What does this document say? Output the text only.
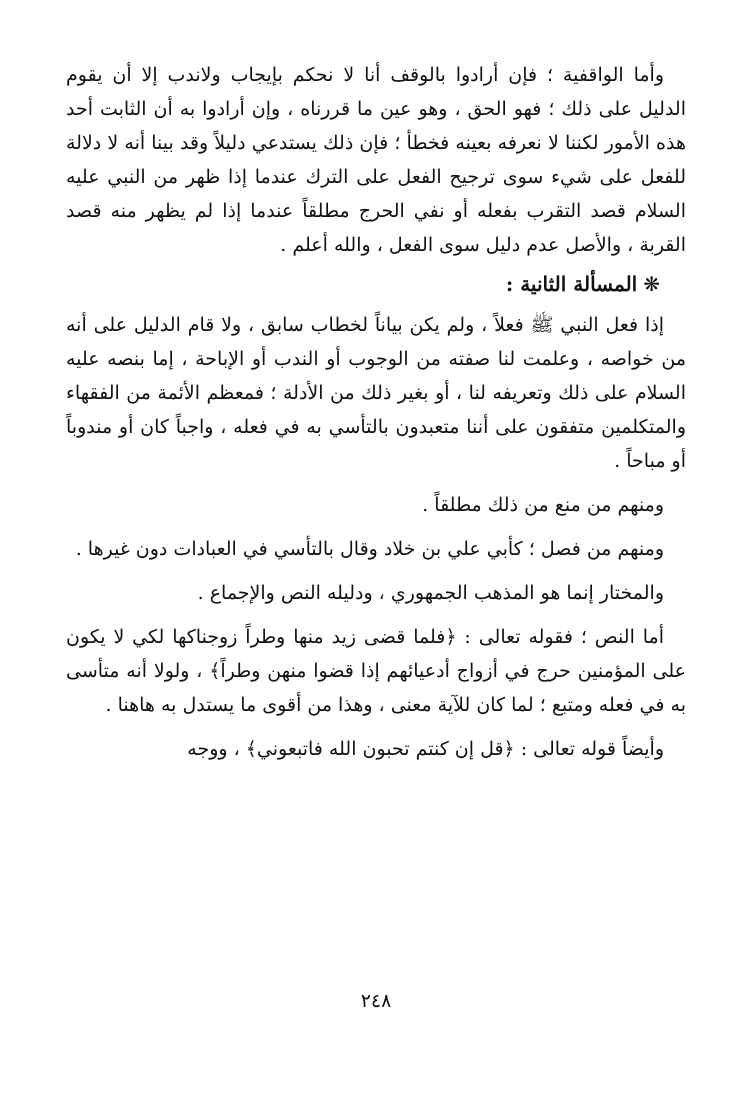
وأما الواقفية ؛ فإن أرادوا بالوقف أنا لا نحكم بإيجاب ولاندب إلا أن يقوم الدليل على ذلك ؛ فهو الحق ، وهو عين ما قررناه ، وإن أرادوا به أن الثابت أحد هذه الأمور لكننا لا نعرفه بعينه فخطأ ؛ فإن ذلك يستدعي دليلاً وقد بينا أنه لا دلالة للفعل على شيء سوى ترجيح الفعل على الترك عندما إذا ظهر من النبي عليه السلام قصد التقرب بفعله أو نفي الحرج مطلقاً عندما إذا لم يظهر منه قصد القربة ، والأصل عدم دليل سوى الفعل ، والله أعلم .

❋المسألة الثانية :

إذا فعل النبي ﷺ فعلاً ، ولم يكن بياناً لخطاب سابق ، ولا قام الدليل على أنه من خواصه ، وعلمت لنا صفته من الوجوب أو الندب أو الإباحة ، إما بنصه عليه السلام على ذلك وتعريفه لنا ، أو بغير ذلك من الأدلة ؛ فمعظم الأئمة من الفقهاء والمتكلمين متفقون على أننا متعبدون بالتأسي به في فعله ، واجباً كان أو مندوباً أو مباحاً .

ومنهم من منع من ذلك مطلقاً .

ومنهم من فصل ؛ كأبي علي بن خلاد وقال بالتأسي في العبادات دون غيرها .

والمختار إنما هو المذهب الجمهوري ، ودليله النص والإجماع .

أما النص ؛ فقوله تعالى : ﴿فلما قضى زيد منها وطراً زوجناكها لكي لا يكون على المؤمنين حرج في أزواج أدعيائهم إذا قضوا منهن وطراً﴾ ، ولولا أنه متأسى به في فعله ومتبع ؛ لما كان للآية معنى ، وهذا من أقوى ما يستدل به هاهنا .

وأيضاً قوله تعالى : ﴿قل إن كنتم تحبون الله فاتبعوني﴾ ، ووجه

٢٤٨
